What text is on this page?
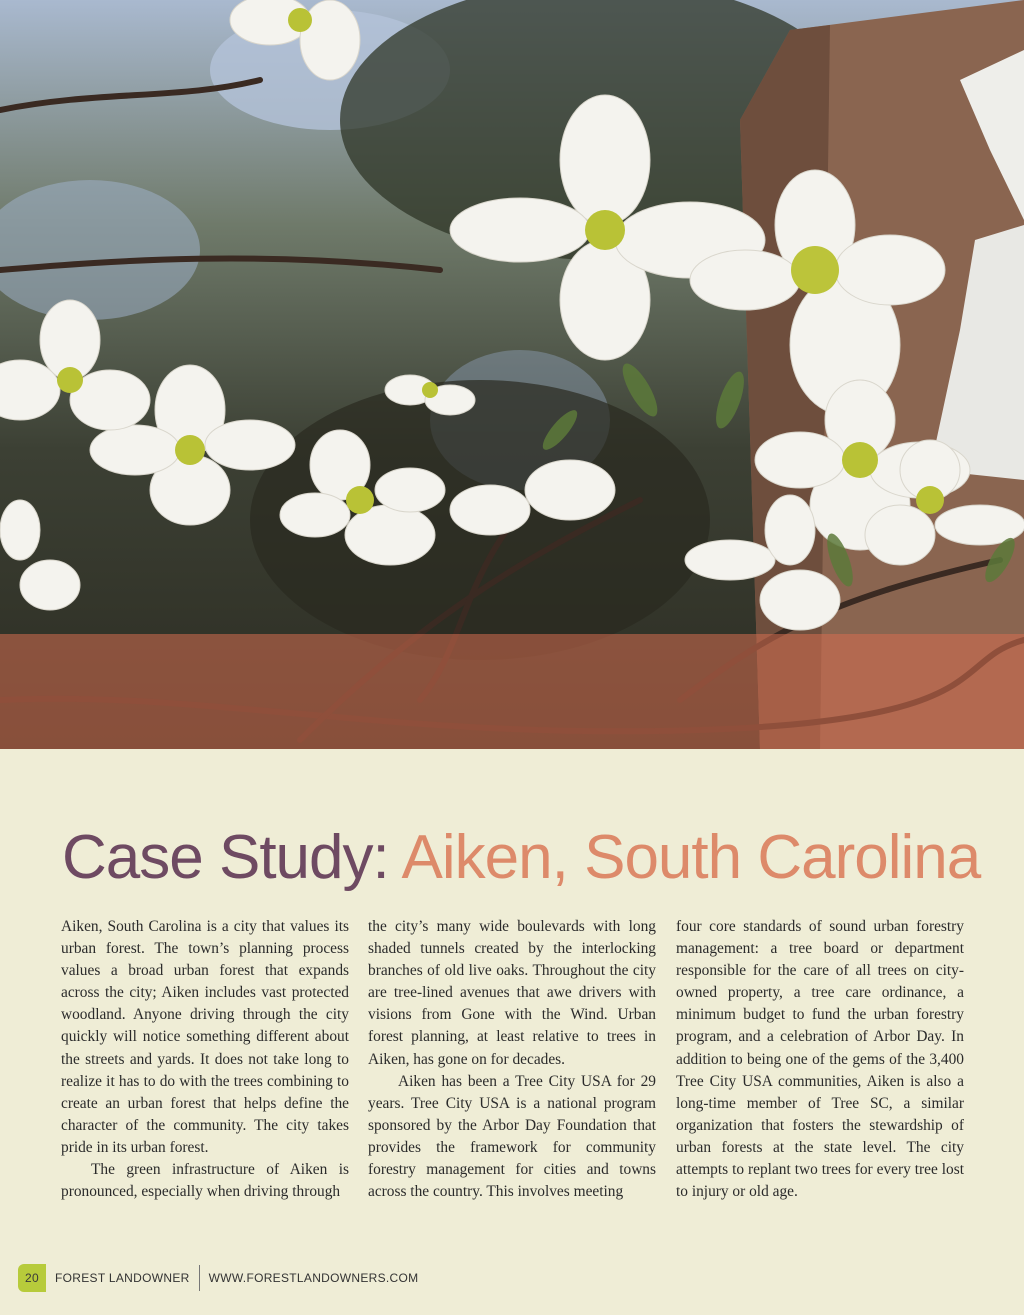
Case Study: Aiken, South Carolina

Aiken, South Carolina is a city that values its urban forest. The town’s planning process values a broad urban forest that expands across the city; Aiken includes vast protected woodland. Anyone driving through the city quickly will notice something different about the streets and yards. It does not take long to realize it has to do with the trees combining to create an urban forest that helps define the character of the community. The city takes pride in its urban forest.

The green infrastructure of Aiken is pronounced, especially when driving through

the city’s many wide boulevards with long shaded tunnels created by the interlocking branches of old live oaks. Throughout the city are tree-lined avenues that awe drivers with visions from Gone with the Wind. Urban forest planning, at least relative to trees in Aiken, has gone on for decades.

Aiken has been a Tree City USA for 29 years. Tree City USA is a national program sponsored by the Arbor Day Foundation that provides the framework for community forestry management for cities and towns across the country. This involves meeting

four core standards of sound urban forestry management: a tree board or department responsible for the care of all trees on city-owned property, a tree care ordinance, a minimum budget to fund the urban forestry program, and a celebration of Arbor Day. In addition to being one of the gems of the 3,400 Tree City USA communities, Aiken is also a long-time member of Tree SC, a similar organization that fosters the stewardship of urban forests at the state level. The city attempts to replant two trees for every tree lost to injury or old age.

20	FOREST LANDOWNER WWW.FORESTLANDOWNERS.COM
